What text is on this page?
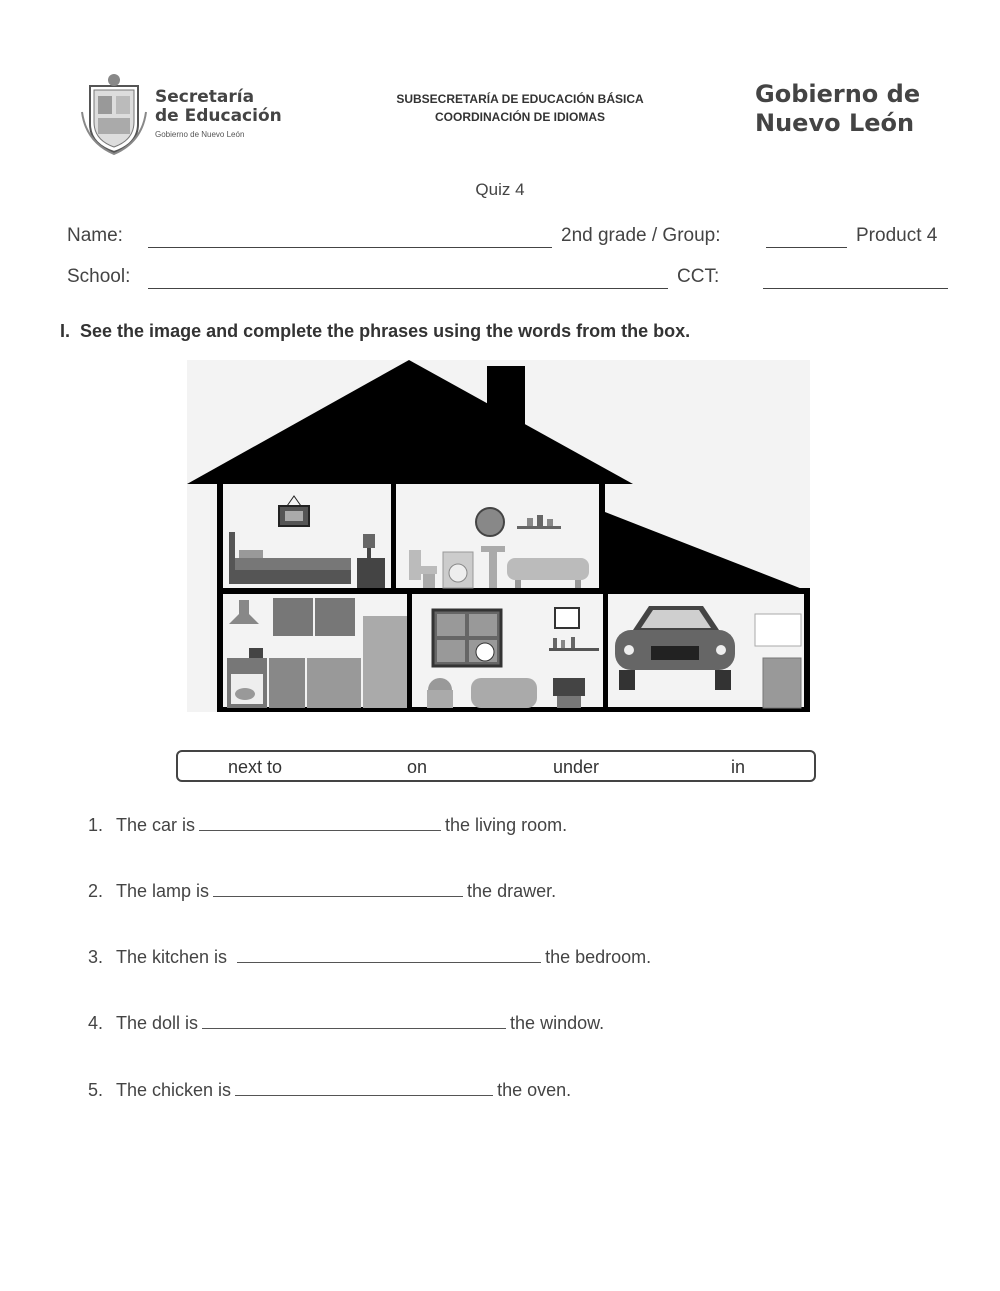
Secretaría
de Educación
Gobierno de Nuevo León
SUBSECRETARÍA DE EDUCACIÓN BÁSICA
COORDINACIÓN DE IDIOMAS
Gobierno de
Nuevo León
Quiz 4
Name:	2nd grade / Group:	Product 4
School:	CCT:
I. See the image and complete the phrases using the words from the box.
next to	on	under	in
1. The car is	the living room.
2. The lamp is	the drawer.
3. The kitchen is	the bedroom.
4. The doll is	the window.
5. The chicken is	the oven.
